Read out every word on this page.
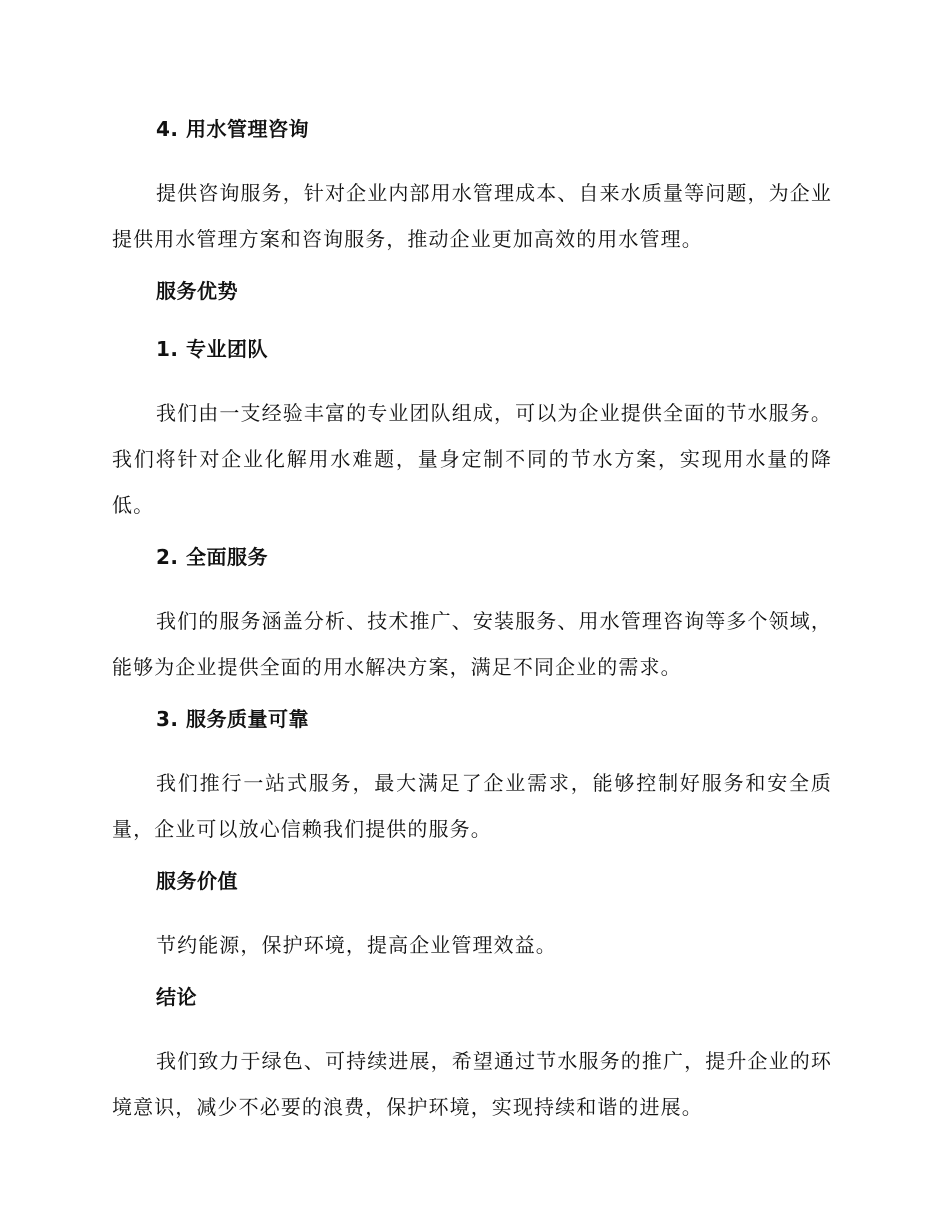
4. 用水管理咨询

提供咨询服务，针对企业内部用水管理成本、自来水质量等问题，为企业提供用水管理方案和咨询服务，推动企业更加高效的用水管理。

服务优势
1. 专业团队

我们由一支经验丰富的专业团队组成，可以为企业提供全面的节水服务。我们将针对企业化解用水难题，量身定制不同的节水方案，实现用水量的降低。

2. 全面服务

我们的服务涵盖分析、技术推广、安装服务、用水管理咨询等多个领域，能够为企业提供全面的用水解决方案，满足不同企业的需求。

3. 服务质量可靠

我们推行一站式服务，最大满足了企业需求，能够控制好服务和安全质量，企业可以放心信赖我们提供的服务。

服务价值

节约能源，保护环境，提高企业管理效益。

结论

我们致力于绿色、可持续进展，希望通过节水服务的推广，提升企业的环境意识，减少不必要的浪费，保护环境，实现持续和谐的进展。
